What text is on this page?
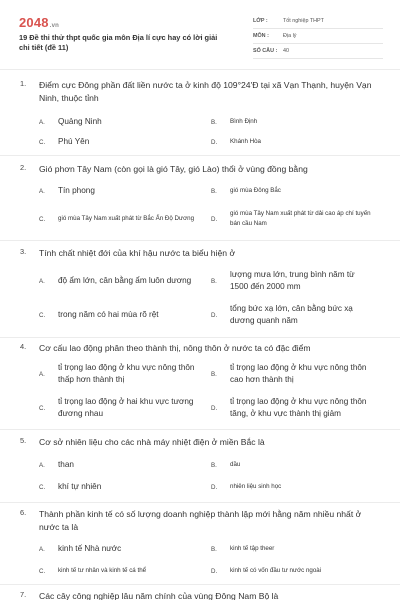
2048.vn
19 Đề thi thử thpt quốc gia môn Địa lí cực hay có lời giải chi tiết (đề 11)
LỚP :	Tốt nghiệp THPT
MÔN :	Địa lý
SỐ CÂU :	40
1. Điểm cực Đông phần đất liền nước ta ở kinh độ 109°24'Đ tại xã Vạn Thạnh, huyện Vạn Ninh, thuộc tỉnh
A.	Quảng Ninh	B.	Bình Định
C.	Phú Yên	D.	Khánh Hòa
2. Gió phơn Tây Nam (còn gọi là gió Tây, gió Lào) thổi ở vùng đồng bằng
A.	Tín phong	B.	gió mùa Đông Bắc
C.	gió mùa Tây Nam xuất phát từ Bắc Ấn Độ Dương	D.
gió mùa Tây Nam xuất phát từ dải cao áp chí tuyến bán cầu Nam
3. Tính chất nhiệt đới của khí hậu nước ta biểu hiện ở
A.	độ ẩm lớn, cân bằng ẩm luôn dương	B.
lượng mưa lớn, trung bình năm từ 1500 đến 2000 mm
C.	trong năm có hai mùa rõ rệt	D.
tổng bức xạ lớn, cân bằng bức xạ dương quanh năm
4. Cơ cấu lao động phân theo thành thị, nông thôn ở nước ta có đặc điểm
A.
tỉ trọng lao động ở khu vực nông thôn thấp hơn thành thị
B.
tỉ trọng lao động ở khu vực nông thôn cao hơn thành thị
C.
tỉ trọng lao động ở hai khu vực tương đương nhau
D.
tỉ trọng lao động ở khu vực nông thôn tăng, ở khu vực thành thị giảm
5. Cơ sở nhiên liệu cho các nhà máy nhiệt điện ở miền Bắc là
A.	than	B.	dầu
C.	khí tự nhiên	D.	nhiên liệu sinh học
6. Thành phần kinh tế có số lượng doanh nghiệp thành lập mới hằng năm nhiều nhất ở nước ta là
A.	kinh tế Nhà nước	B.	kinh tế tập theer
C.	kinh tế tư nhân và kinh tế cá thể	D.	kinh tế có vốn đầu tư nước ngoài
7. Các cây công nghiệp lâu năm chính của vùng Đông Nam Bộ là
